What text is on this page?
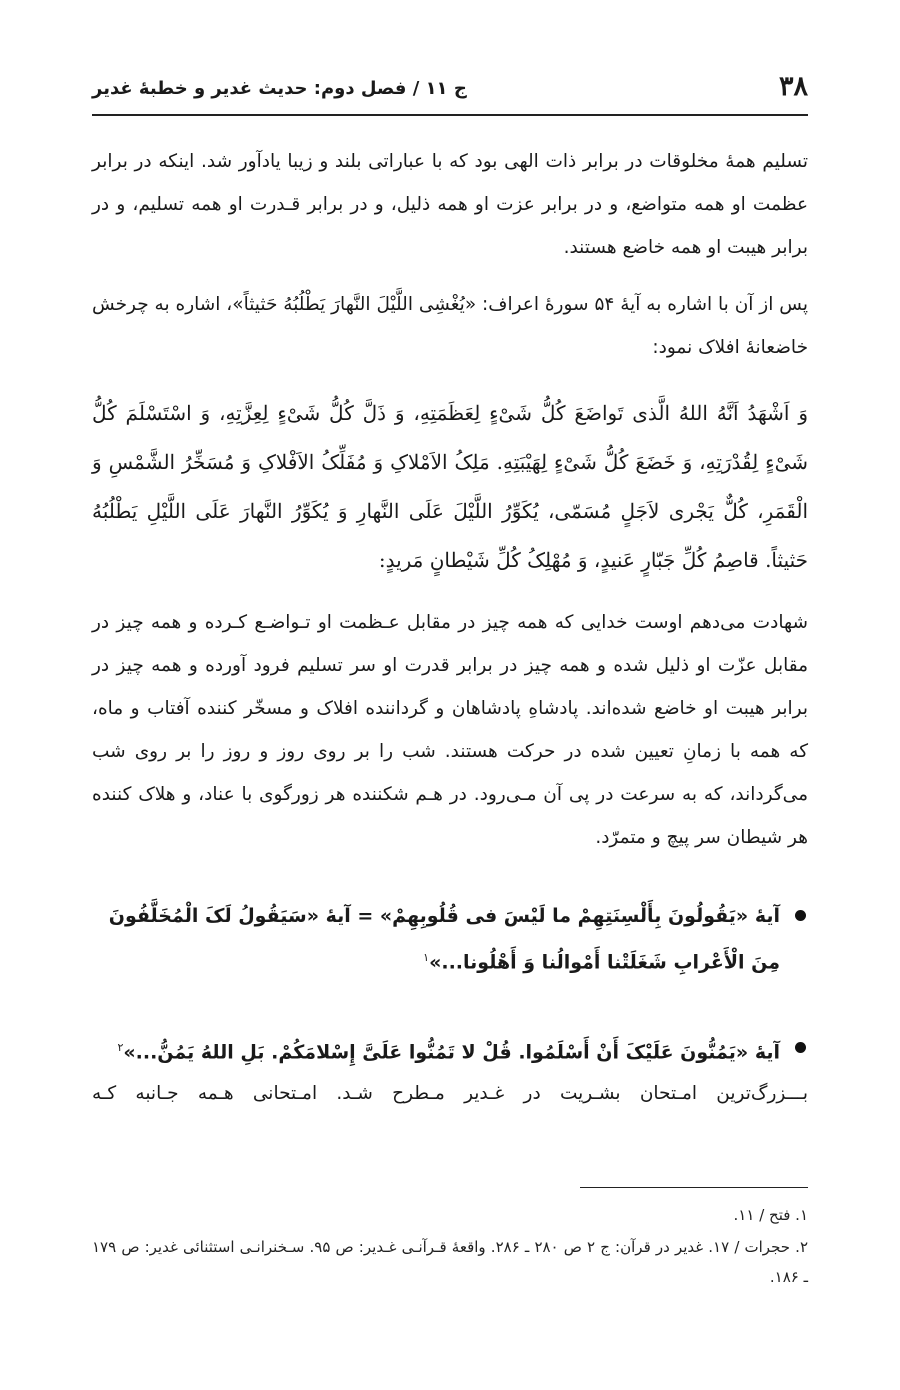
۳۸
ج ۱۱ / فصل دوم: حدیث غدیر و خطبۀ غدیر

تسلیم همۀ مخلوقات در برابر ذات الهی بود که با عباراتی بلند و زیبا یادآور شد. اینکه در برابر عظمت او همه متواضع، و در برابر عزت او همه ذلیل، و در برابر قـدرت او همه تسلیم، و در برابر هیبت او همه خاضع هستند.

پس از آن با اشاره به آیۀ ۵۴ سورۀ اعراف: «یُغْشِی اللَّیْلَ النَّهارَ یَطْلُبُهُ حَثیثاً»، اشاره به چرخش خاضعانۀ افلاک نمود:

وَ اَشْهَدُ اَنَّهُ اللهُ الَّذی تَواضَعَ کُلُّ شَیْءٍ لِعَظَمَتِهِ، وَ ذَلَّ کُلُّ شَیْءٍ لِعِزَّتِهِ، وَ اسْتَسْلَمَ کُلُّ شَیْءٍ لِقُدْرَتِهِ، وَ خَضَعَ کُلُّ شَیْءٍ لِهَیْبَتِهِ. مَلِکُ الاَمْلاکِ وَ مُفَلِّکُ الاَفْلاکِ وَ مُسَخِّرُ الشَّمْسِ وَ الْقَمَرِ، کُلٌّ یَجْری لاَجَلٍ مُسَمّی، یُکَوِّرُ اللَّیْلَ عَلَی النَّهارِ وَ یُکَوِّرُ النَّهارَ عَلَی اللَّیْلِ یَطْلُبُهُ حَثیثاً. قاصِمُ کُلِّ جَبّارٍ عَنیدٍ، وَ مُهْلِکُ کُلِّ شَیْطانٍ مَریدٍ:

شهادت می‌دهم اوست خدایی که همه چیز در مقابل عـظمت او تـواضـع کـرده و همه چیز در مقابل عزّت او ذلیل شده و همه چیز در برابر قدرت او سر تسلیم فرود آورده و همه چیز در برابر هیبت او خاضع شده‌اند. پادشاهِ پادشاهان و گرداننده افلاک و مسخّر کننده آفتاب و ماه، که همه با زمانِ تعیین شده در حرکت هستند. شب را بر روی روز و روز را بر روی شب می‌گرداند، که به سرعت در پی آن مـی‌رود. در هـم شکننده هر زورگوی با عناد، و هلاک کننده هر شیطان سر پیچ و متمرّد.

آیۀ «یَقُولُونَ بِأَلْسِنَتِهِمْ ما لَیْسَ فی قُلُوبِهِمْ» = آیۀ «سَیَقُولُ لَکَ الْمُخَلَّفُونَ مِنَ الْأَعْرابِ شَغَلَتْنا أَمْوالُنا وَ أَهْلُونا...»$^۱$
آیۀ «یَمُنُّونَ عَلَیْکَ أَنْ أَسْلَمُوا. قُلْ لا تَمُنُّوا عَلَیَّ إِسْلامَکُمْ. بَلِ اللهُ یَمُنُّ...»$^۲$

بـــزرگ‌ترین امـتحان بشـریت در غـدیر مـطرح شـد. امـتحانی هـمه جـانبه کـه

۱. فتح / ۱۱.

۲. حجرات / ۱۷. غدیر در قرآن: ج ۲ ص ۲۸۰ ـ ۲۸۶. واقعۀ قـرآنـی غـدیر: ص ۹۵. سـخنرانـی استثنائی غدیر: ص ۱۷۹ ـ ۱۸۶.
